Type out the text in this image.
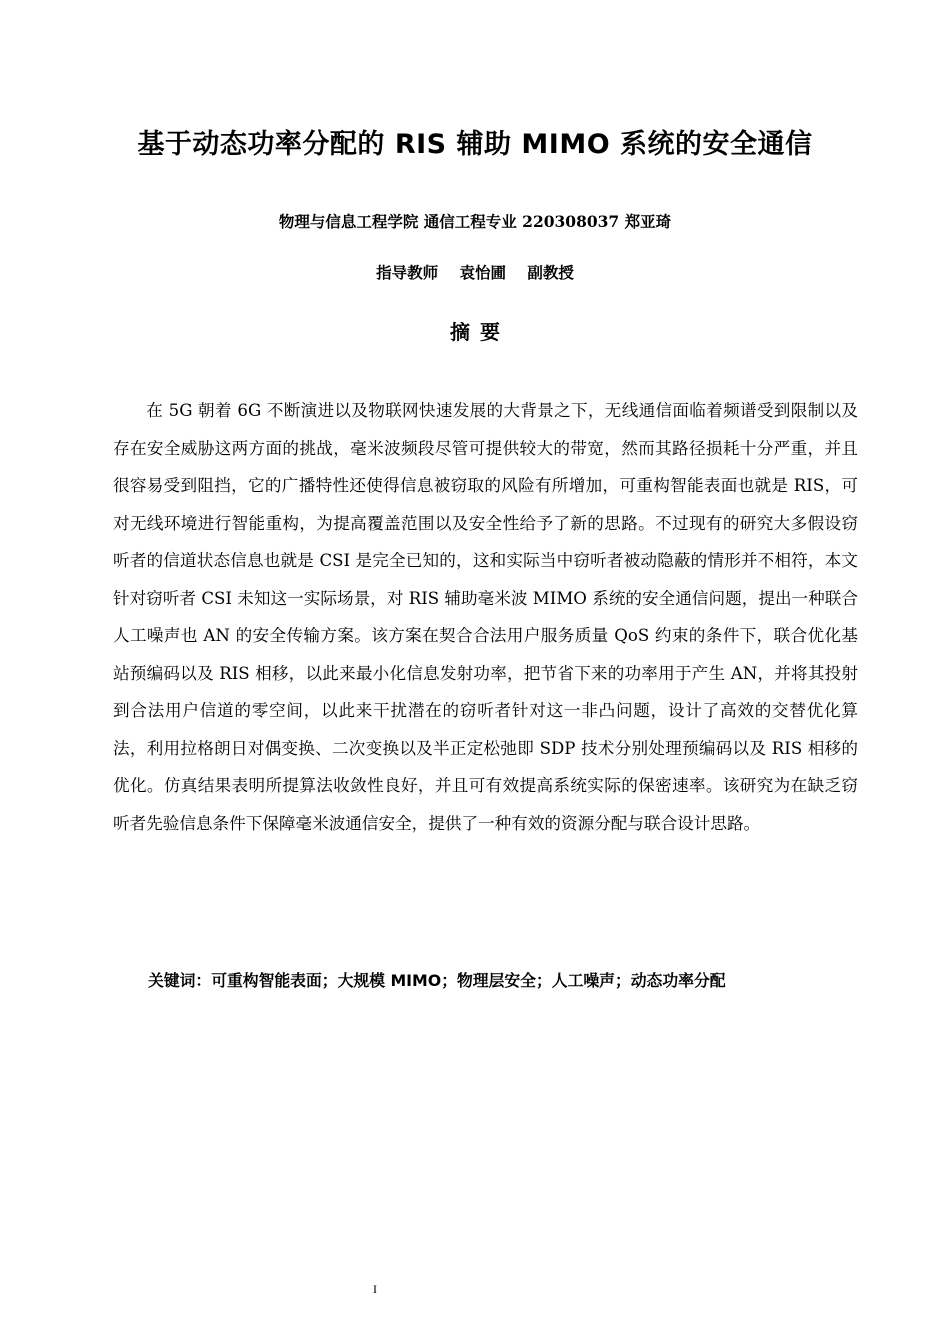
基于动态功率分配的 RIS 辅助 MIMO 系统的安全通信
物理与信息工程学院 通信工程专业 220308037 郑亚琦
指导教师 袁怡圃 副教授
摘要

在 5G 朝着 6G 不断演进以及物联网快速发展的大背景之下，无线通信面临着频谱受到限制以及存在安全威胁这两方面的挑战，毫米波频段尽管可提供较大的带宽，然而其路径损耗十分严重，并且很容易受到阻挡，它的广播特性还使得信息被窃取的风险有所增加，可重构智能表面也就是 RIS，可对无线环境进行智能重构，为提高覆盖范围以及安全性给予了新的思路。不过现有的研究大多假设窃听者的信道状态信息也就是 CSI 是完全已知的，这和实际当中窃听者被动隐蔽的情形并不相符，本文针对窃听者 CSI 未知这一实际场景，对 RIS 辅助毫米波 MIMO 系统的安全通信问题，提出一种联合人工噪声也 AN 的安全传输方案。该方案在契合合法用户服务质量 QoS 约束的条件下，联合优化基站预编码以及 RIS 相移，以此来最小化信息发射功率，把节省下来的功率用于产生 AN，并将其投射到合法用户信道的零空间，以此来干扰潜在的窃听者针对这一非凸问题，设计了高效的交替优化算法，利用拉格朗日对偶变换、二次变换以及半正定松弛即 SDP 技术分别处理预编码以及 RIS 相移的优化。仿真结果表明所提算法收敛性良好，并且可有效提高系统实际的保密速率。该研究为在缺乏窃听者先验信息条件下保障毫米波通信安全，提供了一种有效的资源分配与联合设计思路。

关键词：可重构智能表面；大规模 MIMO；物理层安全；人工噪声；动态功率分配
I
